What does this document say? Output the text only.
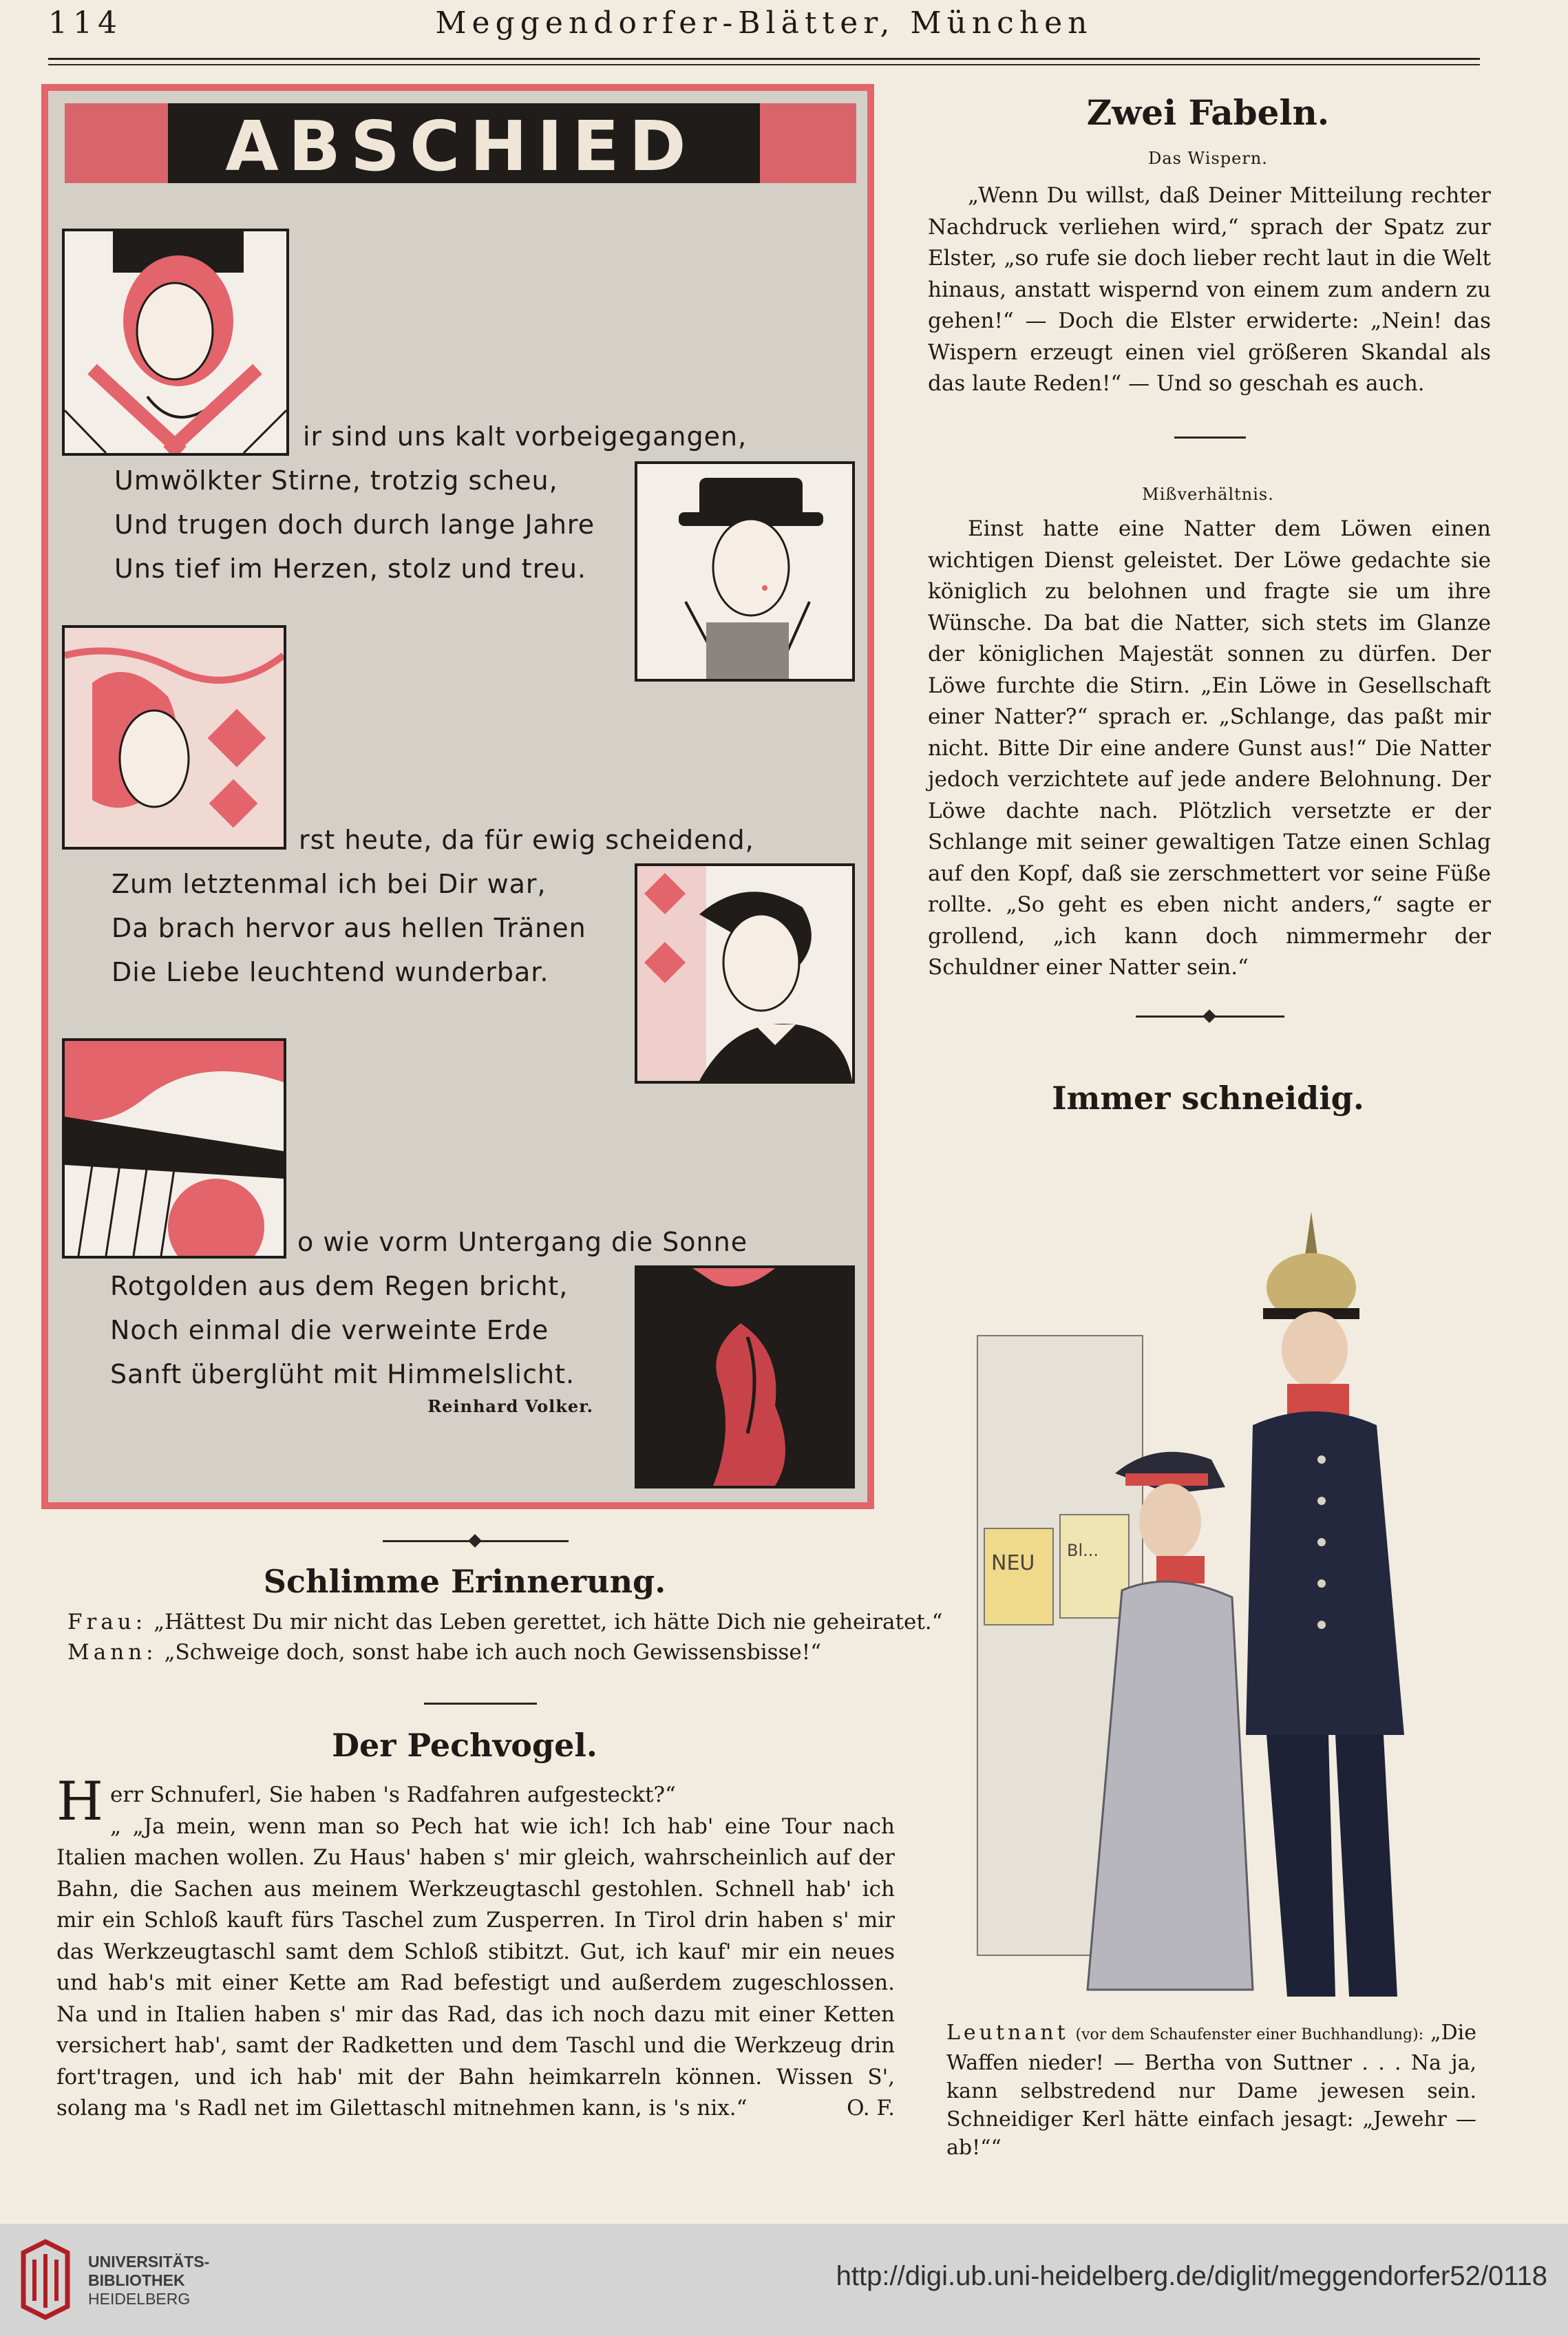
114	Meggendorfer-Blätter, München
ABSCHIED
ir sind uns kalt vorbeigegangen,
Umwölkter Stirne, trotzig scheu,
Und trugen doch durch lange Jahre
Uns tief im Herzen, stolz und treu.
rst heute, da für ewig scheidend,
Zum letztenmal ich bei Dir war,
Da brach hervor aus hellen Tränen
Die Liebe leuchtend wunderbar.
o wie vorm Untergang die Sonne
Rotgolden aus dem Regen bricht,
Noch einmal die verweinte Erde
Sanft überglüht mit Himmelslicht.
Reinhard Volker.
Schlimme Erinnerung.
Frau: „Hättest Du mir nicht das Leben gerettet, ich hätte Dich nie geheiratet.“
Mann: „Schweige doch, sonst habe ich auch noch Gewissensbisse!“
Der Pechvogel.

Herr Schnuferl, Sie haben 's Radfahren aufgesteckt?“

„ „Ja mein, wenn man so Pech hat wie ich! Ich hab' eine Tour nach Italien machen wollen. Zu Haus' haben s' mir gleich, wahrscheinlich auf der Bahn, die Sachen aus meinem Werkzeugtaschl gestohlen. Schnell hab' ich mir ein Schloß kauft fürs Taschel zum Zusperren. In Tirol drin haben s' mir das Werkzeugtaschl samt dem Schloß stibitzt. Gut, ich kauf' mir ein neues und hab's mit einer Kette am Rad befestigt und außerdem zugeschlossen. Na und in Italien haben s' mir das Rad, das ich noch dazu mit einer Ketten versichert hab', samt der Radketten und dem Taschl und die Werkzeug drin fort'tragen, und ich hab' mit der Bahn heimkarreln können. Wissen S', solang ma 's Radl net im Gilettaschl mitnehmen kann, is 's nix.“	O. F.

Zwei Fabeln.
Das Wispern.

„Wenn Du willst, daß Deiner Mitteilung rechter Nachdruck verliehen wird,“ sprach der Spatz zur Elster, „so rufe sie doch lieber recht laut in die Welt hinaus, anstatt wispernd von einem zum andern zu gehen!“ — Doch die Elster erwiderte: „Nein! das Wispern erzeugt einen viel größeren Skandal als das laute Reden!“ — Und so geschah es auch.

Mißverhältnis.

Einst hatte eine Natter dem Löwen einen wichtigen Dienst geleistet. Der Löwe gedachte sie königlich zu belohnen und fragte sie um ihre Wünsche. Da bat die Natter, sich stets im Glanze der königlichen Majestät sonnen zu dürfen. Der Löwe furchte die Stirn. „Ein Löwe in Gesellschaft einer Natter?“ sprach er. „Schlange, das paßt mir nicht. Bitte Dir eine andere Gunst aus!“ Die Natter jedoch verzichtete auf jede andere Belohnung. Der Löwe dachte nach. Plötzlich versetzte er der Schlange mit seiner gewaltigen Tatze einen Schlag auf den Kopf, daß sie zerschmettert vor seine Füße rollte. „So geht es eben nicht anders,“ sagte er grollend, „ich kann doch nimmermehr der Schuldner einer Natter sein.“

Immer schneidig.
NEU
Bl...
Leutnant (vor dem Schaufenster einer Buchhandlung): „Die Waffen nieder! — Bertha von Suttner . . . Na ja, kann selbstredend nur Dame jewesen sein. Schneidiger Kerl hätte einfach jesagt: „Jewehr — ab!““
UNIVERSITÄTS-
BIBLIOTHEK
HEIDELBERG
http://digi.ub.uni-heidelberg.de/diglit/meggendorfer52/0118
